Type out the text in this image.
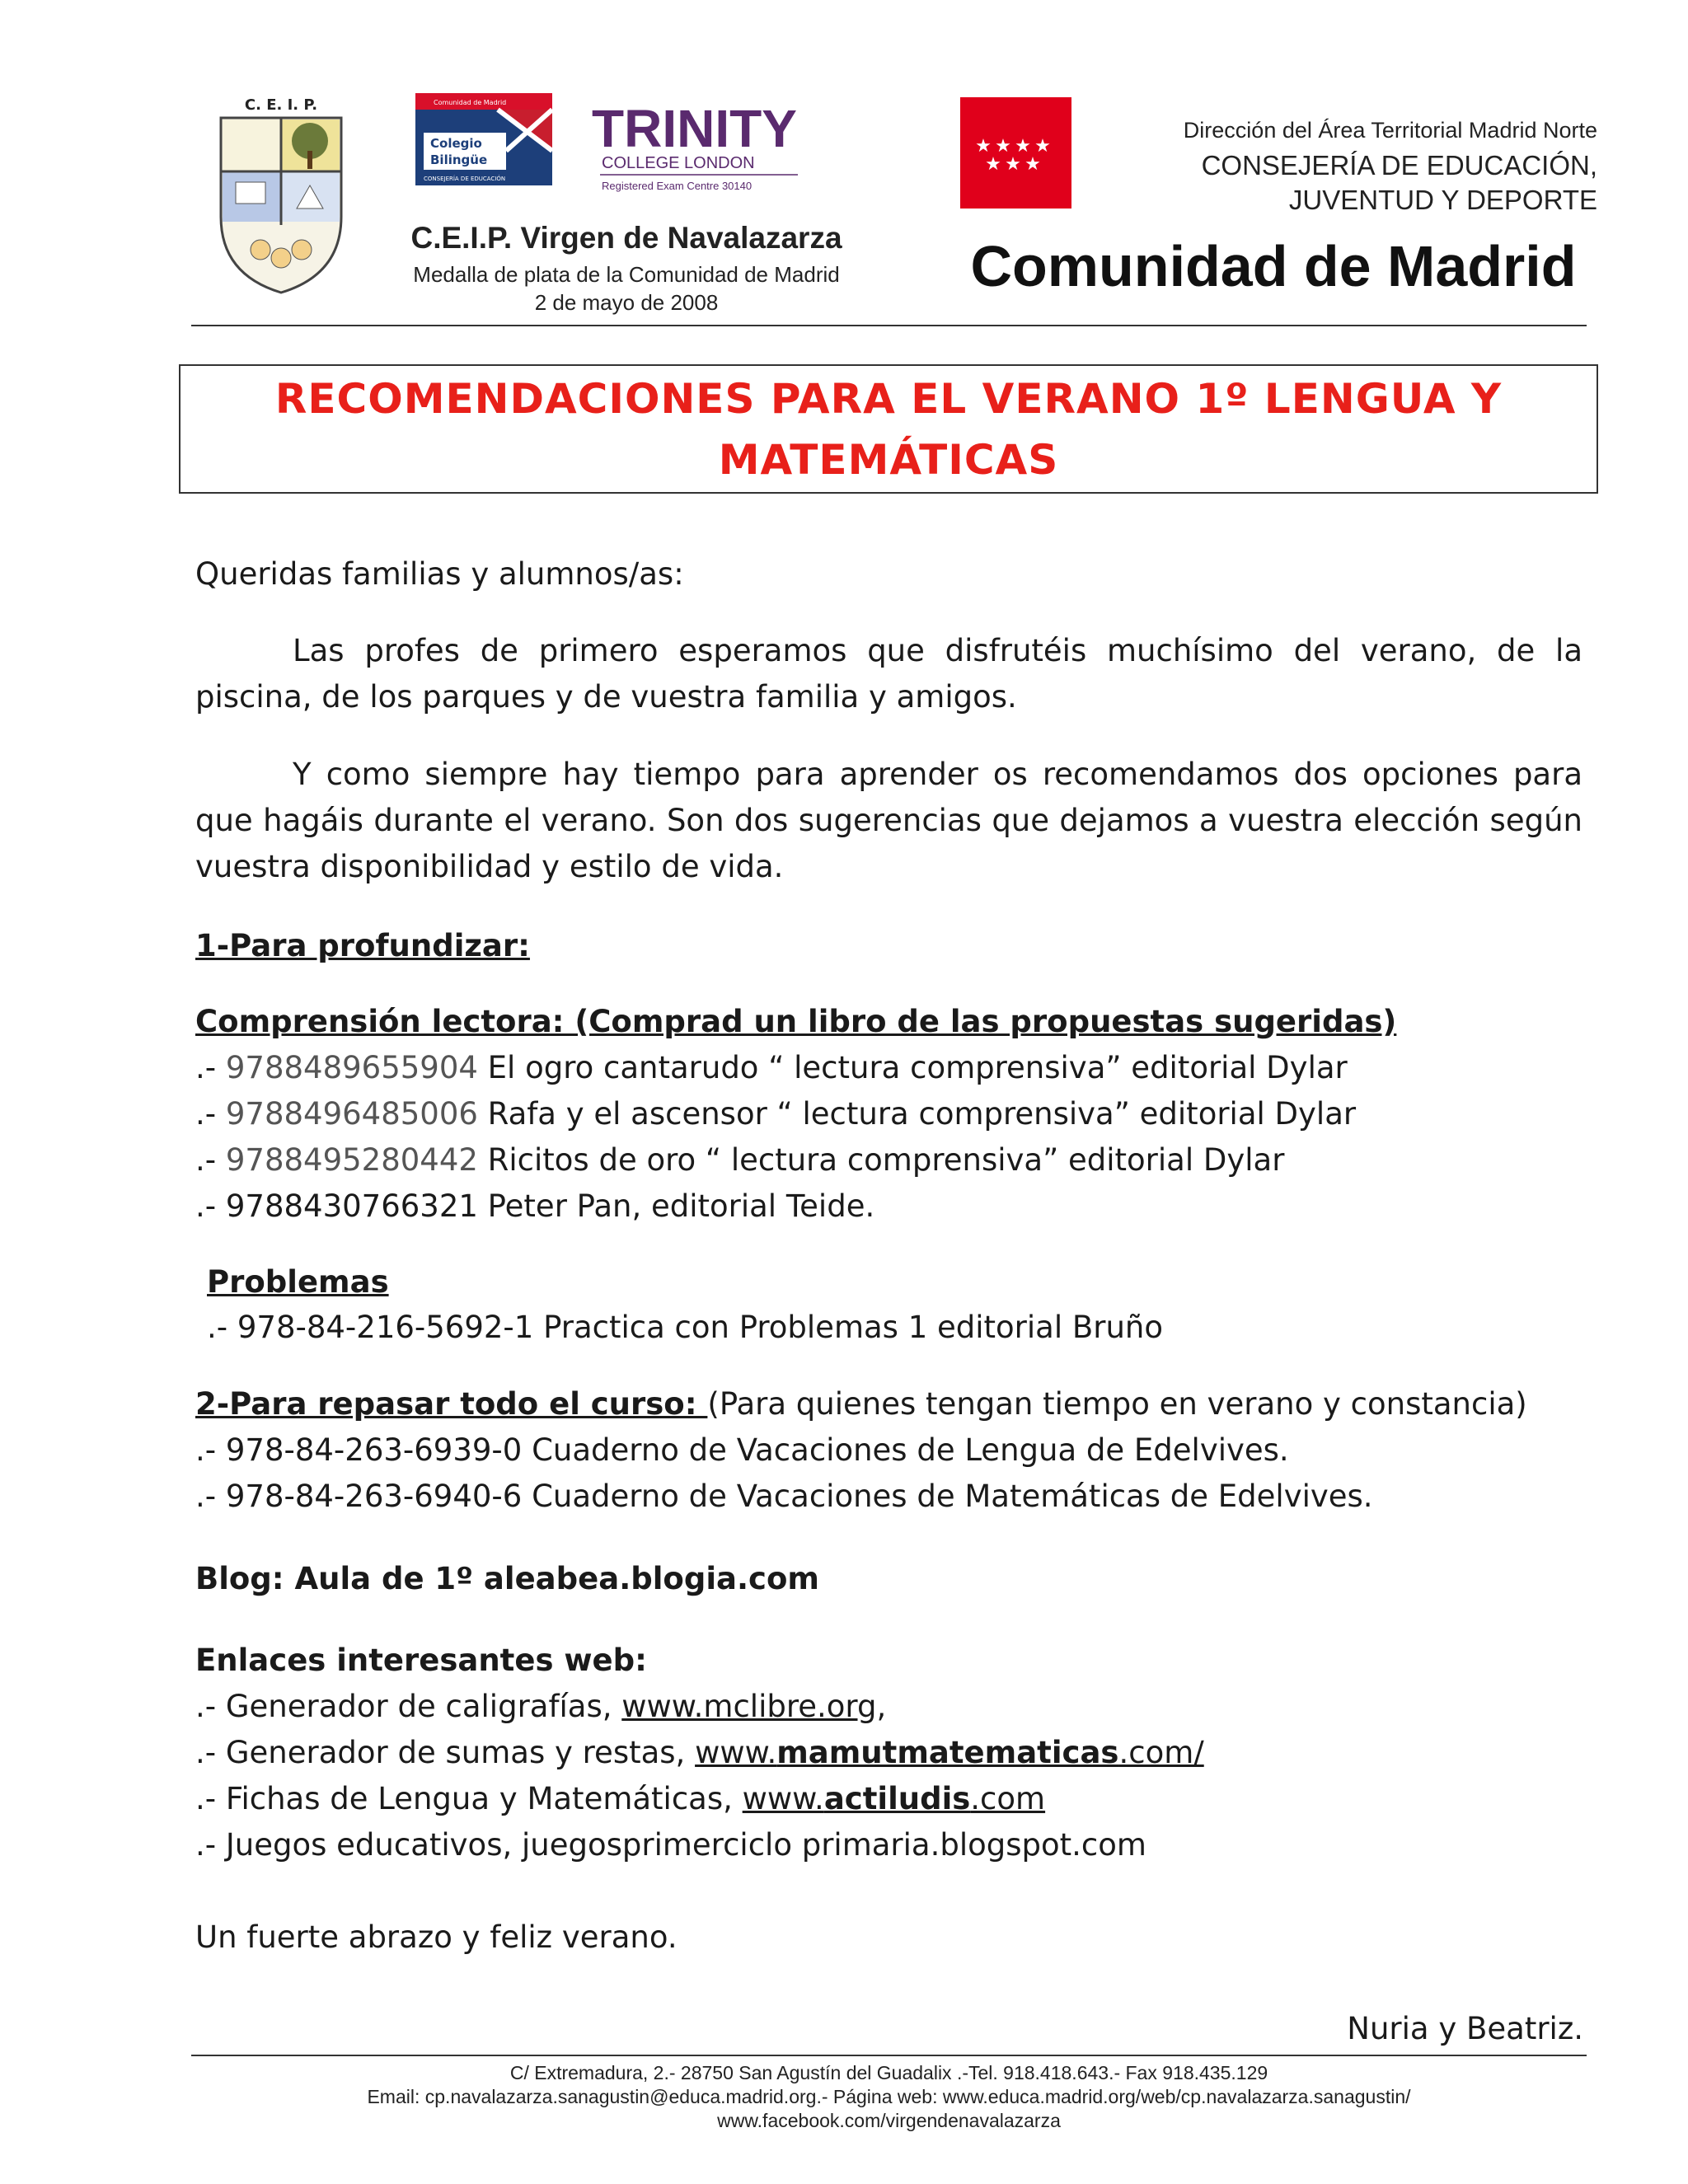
C. E. I. P.	Comunidad de Madrid
Colegio
Bilingüe
CONSEJERÍA DE EDUCACIÓN
TRINITY
COLLEGE LONDON
Registered Exam Centre 30140
★ ★ ★ ★
★ ★ ★
C.E.I.P. Virgen de Navalazarza
Medalla de plata de la Comunidad de Madrid
2 de mayo de 2008
Dirección del Área Territorial Madrid Norte
CONSEJERÍA DE EDUCACIÓN,
JUVENTUD Y DEPORTE
Comunidad de Madrid
RECOMENDACIONES PARA EL VERANO 1º LENGUA Y MATEMÁTICAS
Queridas familias y alumnos/as:
Las profes de primero esperamos que disfrutéis muchísimo del verano, de la piscina, de los parques y de vuestra familia y amigos.
Y como siempre hay tiempo para aprender os recomendamos dos opciones para que hagáis durante el verano. Son dos sugerencias que dejamos a vuestra elección según vuestra disponibilidad y estilo de vida.
1-Para profundizar:
Comprensión lectora: (Comprad un libro de las propuestas sugeridas)
.- 9788489655904 El ogro cantarudo “ lectura comprensiva” editorial Dylar
.- 9788496485006 Rafa y el ascensor “ lectura comprensiva” editorial Dylar
.- 9788495280442 Ricitos de oro “ lectura comprensiva” editorial Dylar
.- 9788430766321 Peter Pan, editorial Teide.
Problemas
.- 978-84-216-5692-1 Practica con Problemas 1 editorial Bruño
2-Para repasar todo el curso: (Para quienes tengan tiempo en verano y constancia)
.- 978-84-263-6939-0 Cuaderno de Vacaciones de Lengua de Edelvives.
.- 978-84-263-6940-6 Cuaderno de Vacaciones de Matemáticas de Edelvives.
Blog: Aula de 1º aleabea.blogia.com
Enlaces interesantes web:
.- Generador de caligrafías, www.mclibre.org,
.- Generador de sumas y restas, www.mamutmatematicas.com/
.- Fichas de Lengua y Matemáticas, www.actiludis.com
.- Juegos educativos, juegosprimerciclo primaria.blogspot.com
Un fuerte abrazo y feliz verano.
Nuria y Beatriz.
C/ Extremadura, 2.- 28750 San Agustín del Guadalix .-Tel. 918.418.643.- Fax 918.435.129
Email: cp.navalazarza.sanagustin@educa.madrid.org.- Página web: www.educa.madrid.org/web/cp.navalazarza.sanagustin/
www.facebook.com/virgendenavalazarza
